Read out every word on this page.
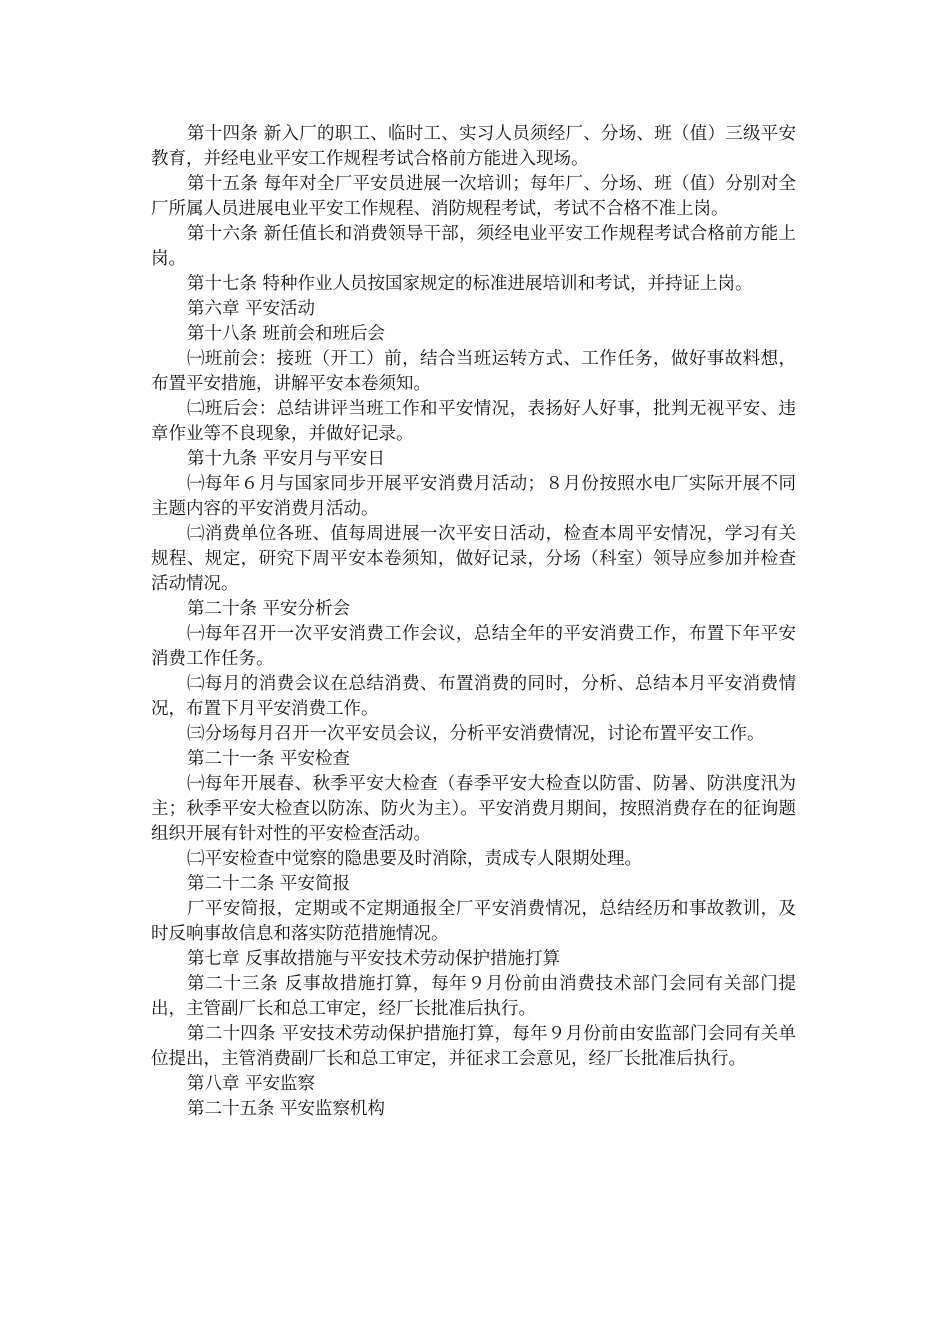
第十四条 新入厂的职工、临时工、实习人员须经厂、分场、班（值）三级平安教育，并经电业平安工作规程考试合格前方能进入现场。

第十五条 每年对全厂平安员进展一次培训；每年厂、分场、班（值）分别对全厂所属人员进展电业平安工作规程、消防规程考试，考试不合格不准上岗。

第十六条 新任值长和消费领导干部，须经电业平安工作规程考试合格前方能上岗。

第十七条 特种作业人员按国家规定的标准进展培训和考试，并持证上岗。

第六章 平安活动

第十八条 班前会和班后会

㈠班前会：接班（开工）前，结合当班运转方式、工作任务，做好事故料想，布置平安措施，讲解平安本卷须知。

㈡班后会：总结讲评当班工作和平安情况，表扬好人好事，批判无视平安、违章作业等不良现象，并做好记录。

第十九条 平安月与平安日

㈠每年６月与国家同步开展平安消费月活动；８月份按照水电厂实际开展不同主题内容的平安消费月活动。

㈡消费单位各班、值每周进展一次平安日活动，检查本周平安情况，学习有关规程、规定，研究下周平安本卷须知，做好记录，分场（科室）领导应参加并检查活动情况。

第二十条 平安分析会

㈠每年召开一次平安消费工作会议，总结全年的平安消费工作，布置下年平安消费工作任务。

㈡每月的消费会议在总结消费、布置消费的同时，分析、总结本月平安消费情况，布置下月平安消费工作。

㈢分场每月召开一次平安员会议，分析平安消费情况，讨论布置平安工作。

第二十一条 平安检查

㈠每年开展春、秋季平安大检查（春季平安大检查以防雷、防暑、防洪度汛为主；秋季平安大检查以防冻、防火为主）。平安消费月期间，按照消费存在的征询题组织开展有针对性的平安检查活动。

㈡平安检查中觉察的隐患要及时消除，责成专人限期处理。

第二十二条 平安简报

厂平安简报，定期或不定期通报全厂平安消费情况，总结经历和事故教训，及时反响事故信息和落实防范措施情况。

第七章 反事故措施与平安技术劳动保护措施打算

第二十三条 反事故措施打算，每年９月份前由消费技术部门会同有关部门提出，主管副厂长和总工审定，经厂长批准后执行。

第二十四条 平安技术劳动保护措施打算，每年９月份前由安监部门会同有关单位提出，主管消费副厂长和总工审定，并征求工会意见，经厂长批准后执行。

第八章 平安监察

第二十五条 平安监察机构
